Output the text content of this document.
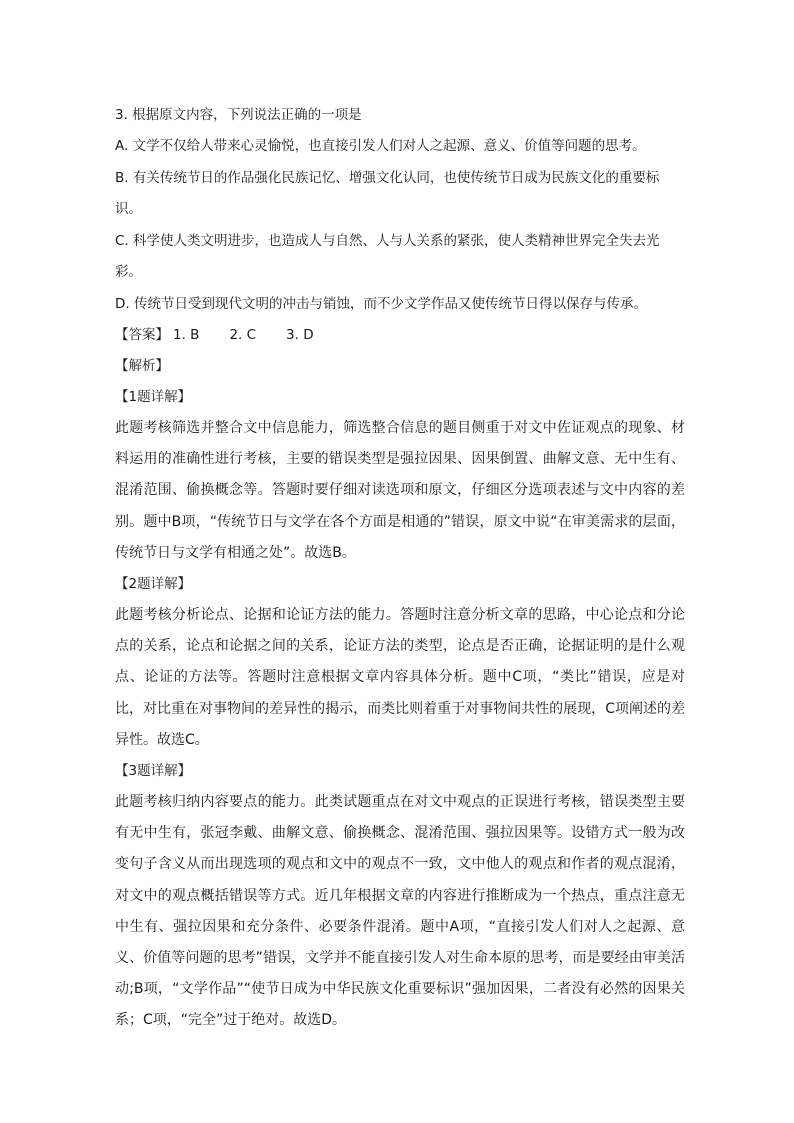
3. 根据原文内容，下列说法正确的一项是
A. 文学不仅给人带来心灵愉悦，也直接引发人们对人之起源、意义、价值等问题的思考。
B. 有关传统节日的作品强化民族记忆、增强文化认同，也使传统节日成为民族文化的重要标识。
C. 科学使人类文明进步，也造成人与自然、人与人关系的紧张，使人类精神世界完全失去光彩。
D. 传统节日受到现代文明的冲击与销蚀，而不少文学作品又使传统节日得以保存与传承。
【答案】 1. B 2. C 3. D
【解析】
【1题详解】

此题考核筛选并整合文中信息能力，筛选整合信息的题目侧重于对文中佐证观点的现象、材料运用的准确性进行考核，主要的错误类型是强拉因果、因果倒置、曲解文意、无中生有、混淆范围、偷换概念等。答题时要仔细对读选项和原文，仔细区分选项表述与文中内容的差别。题中B项，“传统节日与文学在各个方面是相通的”错误，原文中说“在审美需求的层面，传统节日与文学有相通之处”。故选B。

【2题详解】

此题考核分析论点、论据和论证方法的能力。答题时注意分析文章的思路，中心论点和分论点的关系，论点和论据之间的关系，论证方法的类型，论点是否正确，论据证明的是什么观点、论证的方法等。答题时注意根据文章内容具体分析。题中C项，“类比”错误，应是对比，对比重在对事物间的差异性的揭示，而类比则着重于对事物间共性的展现，C项阐述的差异性。故选C。

【3题详解】

此题考核归纳内容要点的能力。此类试题重点在对文中观点的正误进行考核，错误类型主要有无中生有，张冠李戴、曲解文意、偷换概念、混淆范围、强拉因果等。设错方式一般为改变句子含义从而出现选项的观点和文中的观点不一致，文中他人的观点和作者的观点混淆，对文中的观点概括错误等方式。近几年根据文章的内容进行推断成为一个热点，重点注意无中生有、强拉因果和充分条件、必要条件混淆。题中A项，“直接引发人们对人之起源、意义、价值等问题的思考”错误，文学并不能直接引发人对生命本原的思考，而是要经由审美活动;B项，“文学作品”“使节日成为中华民族文化重要标识”强加因果，二者没有必然的因果关系；C项，“完全”过于绝对。故选D。
